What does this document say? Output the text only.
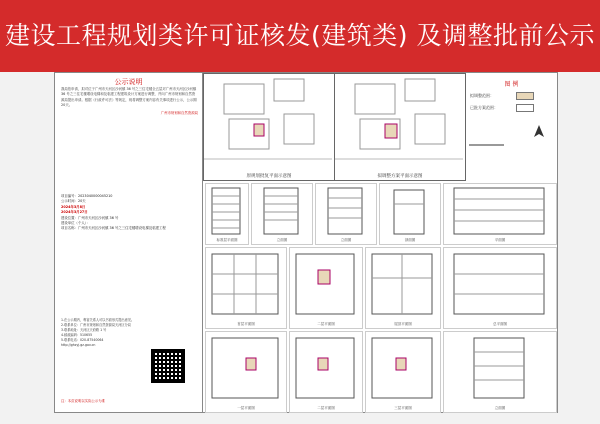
建设工程规划类许可证核发(建筑类) 及调整批前公示
公示说明
我局依申请，拟对位于广州市天河区沙河镇 36 号之三住宅楼全五层对广州市天河区沙河镇 36 号之三住宅楼增设电梯和及临建工程建筑设计方案进行调整，并向广州市规划和自然资源局提出申请。根据《行政许可法》等规定，现将调整方案内容有关事项进行公示，公示期20天。
广州市规划和自然资源局
项目编号：2023040000045210
公示时间：20天
2024年3月8日
2024年3月27日
建设位置：广州市天河区沙河镇 36 号
建设单位（个人）：
项目名称：广州市天河区沙河镇 36 号之三住宅楼增设电梯及临建工程
1.在公示期内，利害关系人可以书面形式提出意见。
2.联系单位：广州市规划和自然资源局天河区分局
3.联系地址：天河区天府路 1 号
4.邮政编码：510655
5.联系电话：020-87540064
http://ghzyj.gz.gov.cn
注：本页说明以实际公示为准
原规划批复平面示意图	拟调整方案平面示意图
图 例
拟调整范围：
已批方案范围：
标准层平面图	立面图	立面图	剖面图	平面图
首层平面图	二层平面图	屋顶平面图	总平面图
一层平面图	二层平面图	三层平面图	立面图
